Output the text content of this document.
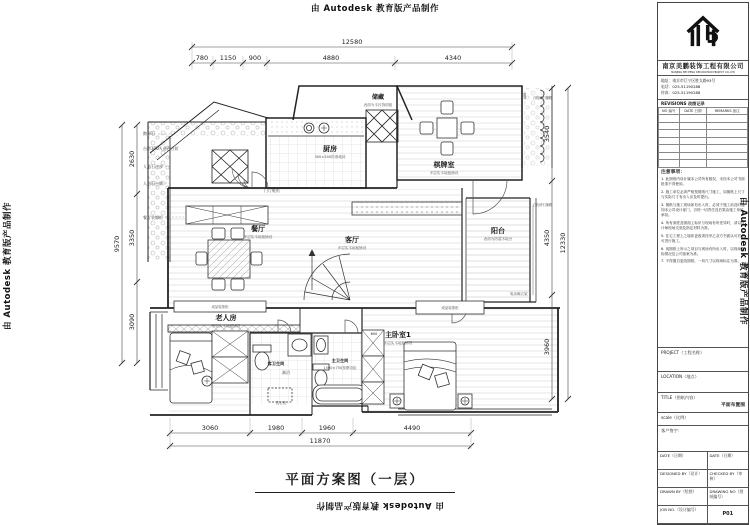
由 Autodesk 教育版产品制作
由 Autodesk 教育版产品制作	由 Autodesk 教育版产品制作
由 Autodesk 教育版产品制作
12580
780 1150 900	4880	4340
3060	1980	1960	4490
11870
2630
3350
3090
9570
3540
4350
3960
12330
400
600
储藏
厨房
棋牌室
餐厅
客厅
阳台
老人房
客卫生间
主卫生间
主卧室1
表面为木纹饰面板
300×300防滑地砖
多层实木地板铺设
多层实木地板铺设
多层实木地板铺设
表面为防腐木地台
多层实木地板铺设
1500×750按摩浴缸
多层实木地板铺设
鹅卵石
台阶300人造石台阶
人造石汀步
人造石台阶
餐厅装饰柜
门厅鞋柜
白色碎石铺路
白色碎石铺路
电动晾衣架
淋浴
洗衣机
成品装饰柜	成品装饰柜
平面方案图（一层）
南京美鹏装饰工程有限公司
NANJING MEI PENG DECORATION PROJECT CO.,LTD
地址：南京市江宁区胜太路93号
电话：025-51190288
传真：025-51190288
REVISIONS 改图记录
NO 编号	DATE 日期	REMARKS 备注

注意事项：

1. 此图纸内设计属本公司所有版权，未经本公司书面批准不得使用。

2. 施工单位必须严格按图纸尺寸施工，如图纸上尺寸与实际尺寸有出入应及时提出。

3. 图纸与施工现场如有出入时，必须于施工前及时通知本公司设计部门，否则一切责任及后果由施工单位承担。

4. 所有深度及图面上标识与现场有所差异时，请以设计师现场交底及指定材料为准。

5. 住宅工程上之墙体更改须经甲乙双方书面认可后方可进行施工。

6. 视图纸上所示之项目与现场有所出入时，以现场实际情况及公司备案为准。

7. 不得擅自更改图纸，一切尺寸以现场标注为准。

PROJECT（工程名称）
LOCATION（地点）
TITLE（图纸内容）
平面布置图
scale（比例）
客户签字：
DATE（日期）	DATE（日期）
DESIGNED BY（设计）	CHECKED BY（审核）
DRAWN BY（绘图）	DRAWING NO（图纸编号）
JOB NO.（设计编号）
P01
